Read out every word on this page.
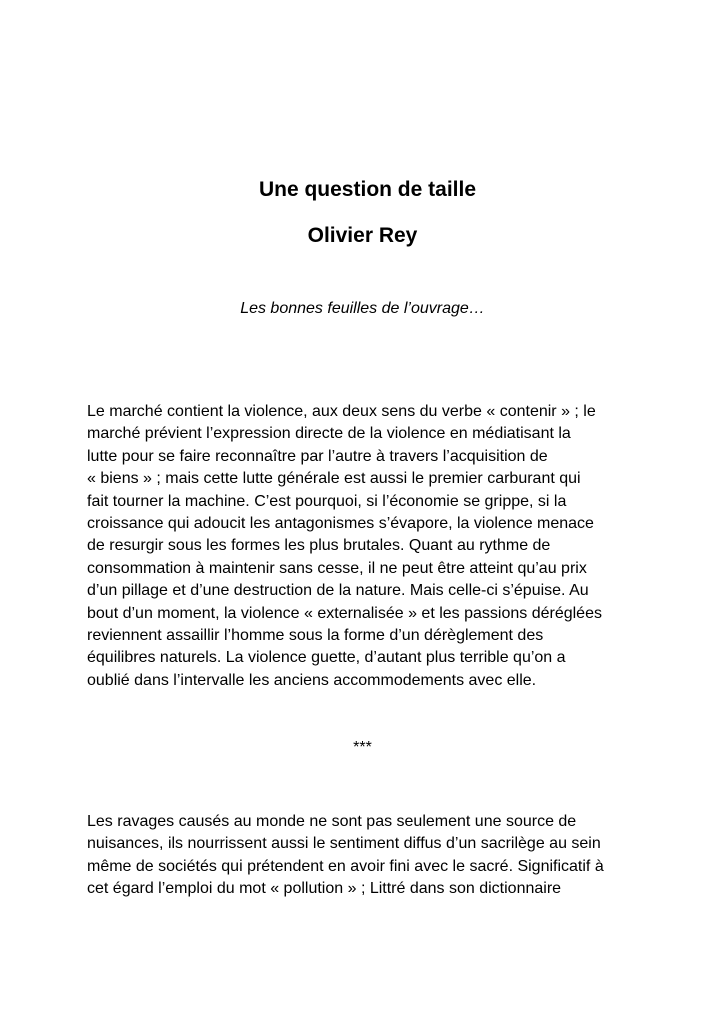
Une question de taille
Olivier Rey

Les bonnes feuilles de l’ouvrage…

Le marché contient la violence, aux deux sens du verbe « contenir » ; le
marché prévient l’expression directe de la violence en médiatisant la
lutte pour se faire reconnaître par l’autre à travers l’acquisition de
« biens » ; mais cette lutte générale est aussi le premier carburant qui
fait tourner la machine. C’est pourquoi, si l’économie se grippe, si la
croissance qui adoucit les antagonismes s’évapore, la violence menace
de resurgir sous les formes les plus brutales. Quant au rythme de
consommation à maintenir sans cesse, il ne peut être atteint qu’au prix
d’un pillage et d’une destruction de la nature. Mais celle-ci s’épuise. Au
bout d’un moment, la violence « externalisée » et les passions déréglées
reviennent assaillir l’homme sous la forme d’un dérèglement des
équilibres naturels. La violence guette, d’autant plus terrible qu’on a
oublié dans l’intervalle les anciens accommodements avec elle.

***

Les ravages causés au monde ne sont pas seulement une source de
nuisances, ils nourrissent aussi le sentiment diffus d’un sacrilège au sein
même de sociétés qui prétendent en avoir fini avec le sacré. Significatif à
cet égard l’emploi du mot « pollution » ; Littré dans son dictionnaire
